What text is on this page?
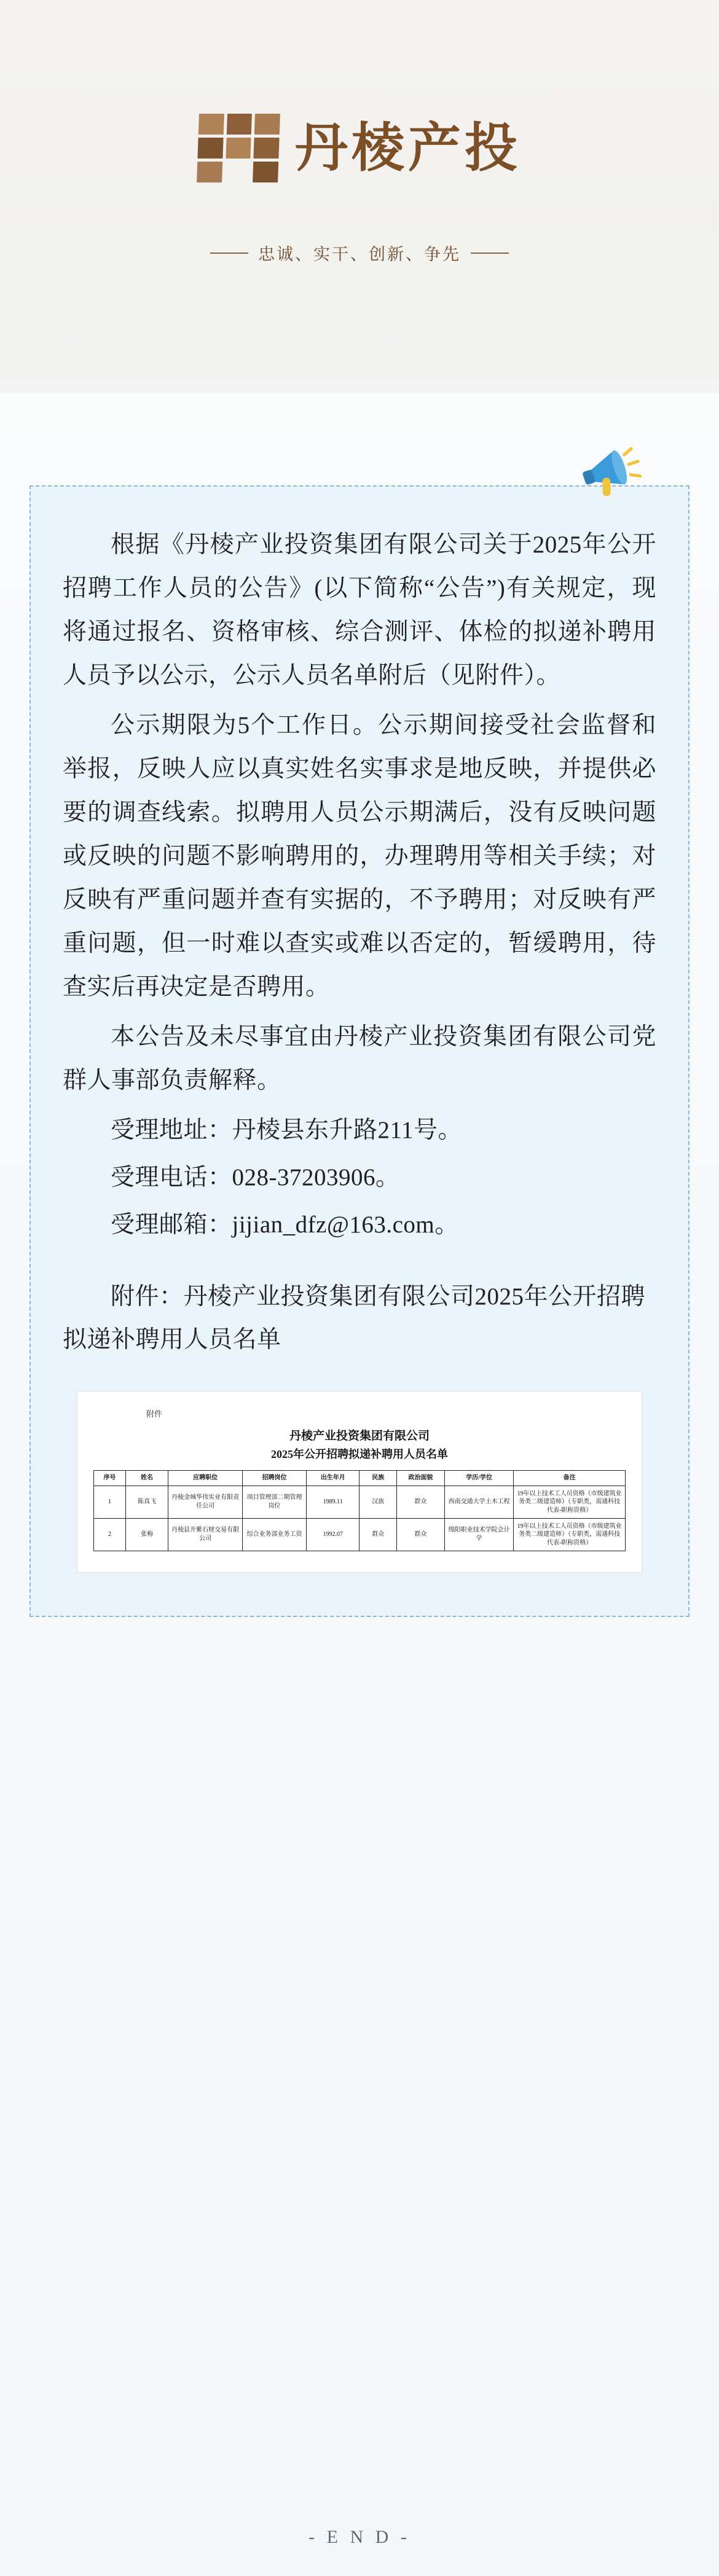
丹棱产投
忠诚、实干、创新、争先

根据《丹棱产业投资集团有限公司关于2025年公开招聘工作人员的公告》(以下简称“公告”)有关规定，现将通过报名、资格审核、综合测评、体检的拟递补聘用人员予以公示，公示人员名单附后（见附件）。

公示期限为5个工作日。公示期间接受社会监督和举报，反映人应以真实姓名实事求是地反映，并提供必要的调查线索。拟聘用人员公示期满后，没有反映问题或反映的问题不影响聘用的，办理聘用等相关手续；对反映有严重问题并查有实据的，不予聘用；对反映有严重问题，但一时难以查实或难以否定的，暂缓聘用，待查实后再决定是否聘用。

本公告及未尽事宜由丹棱产业投资集团有限公司党群人事部负责解释。

受理地址：丹棱县东升路211号。

受理电话：028-37203906。

受理邮箱：jijian_dfz@163.com。

附件：丹棱产业投资集团有限公司2025年公开招聘拟递补聘用人员名单

附件
丹棱产业投资集团有限公司
2025年公开招聘拟递补聘用人员名单
序号	姓名	应聘职位	招聘岗位	出生年月	民族	政治面貌	学历/学位	备注
1	陈真飞	丹棱金城华伟实业有限责任公司	项目管理部二期管理岗位	1989.11	汉族	群众	西南交通大学土木工程	19年以上技术工人员资格（市级建筑业务类二级建造师）（专职类，需通科技代表-职称资格）
2	张梅	丹棱县开紫石财交易有限公司	综合业务部业务工资	1992.07	群众	群众	绵阳职业技术学院会计学	19年以上技术工人员资格（市级建筑业务类二级建造师）（专职类，需通科技代表-职称资格）
- E N D -
